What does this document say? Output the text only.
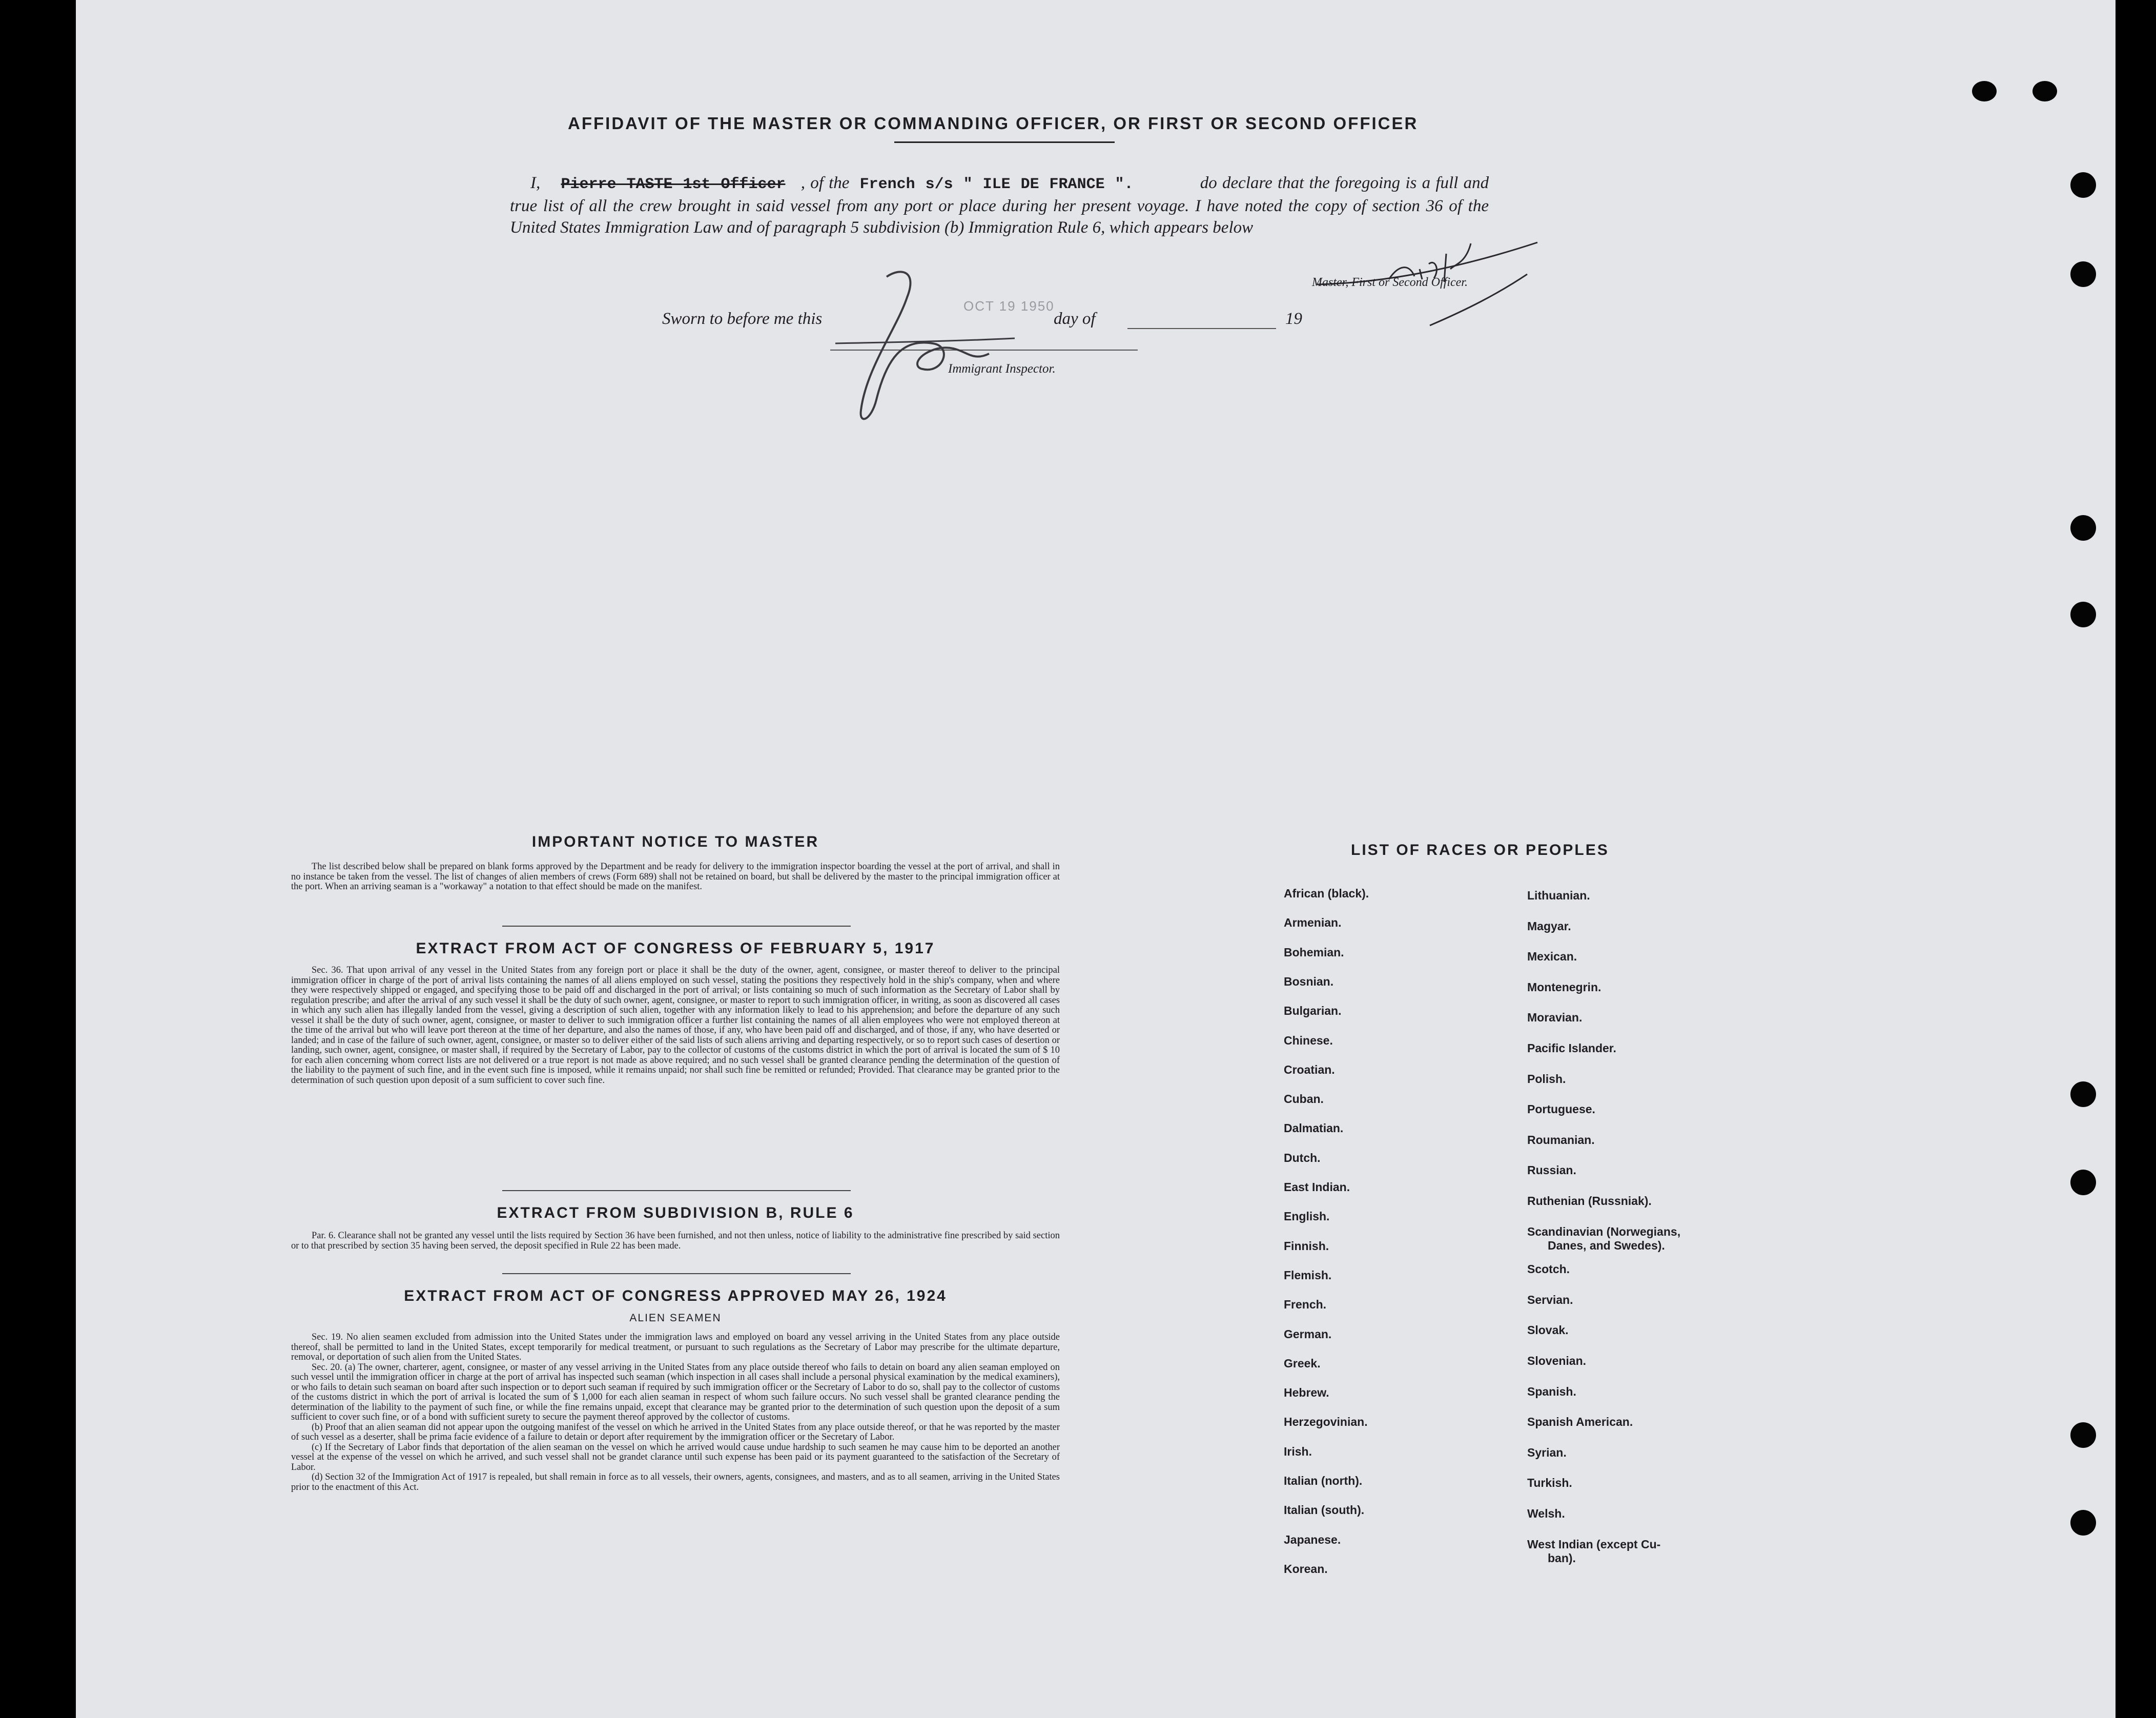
AFFIDAVIT OF THE MASTER OR COMMANDING OFFICER, OR FIRST OR SECOND OFFICER
I, Pierre TASTE 1st Officer , of the French s/s " ILE DE FRANCE ".	do declare that the foregoing is a full and true list of all the crew brought in said vessel from any port or place during her present voyage. I have noted the copy of section 36 of the United States Immigration Law and of paragraph 5 subdivision (b) Immigration Rule 6, which appears below
Master, First or Second Officer.
Sworn to before me this
OCT 19 1950
day of	19
Immigrant Inspector.
IMPORTANT NOTICE TO MASTER

The list described below shall be prepared on blank forms approved by the Department and be ready for delivery to the immigration inspector boarding the vessel at the port of arrival, and shall in no instance be taken from the vessel. The list of changes of alien members of crews (Form 689) shall not be retained on board, but shall be delivered by the master to the principal immigration officer at the port. When an arriving seaman is a "workaway" a notation to that effect should be made on the manifest.

EXTRACT FROM ACT OF CONGRESS OF FEBRUARY 5, 1917

Sec. 36. That upon arrival of any vessel in the United States from any foreign port or place it shall be the duty of the owner, agent, consignee, or master thereof to deliver to the principal immigration officer in charge of the port of arrival lists containing the names of all aliens employed on such vessel, stating the positions they respectively hold in the ship's company, when and where they were respectively shipped or engaged, and specifying those to be paid off and discharged in the port of arrival; or lists containing so much of such information as the Secretary of Labor shall by regulation prescribe; and after the arrival of any such vessel it shall be the duty of such owner, agent, consignee, or master to report to such immigration officer, in writing, as soon as discovered all cases in which any such alien has illegally landed from the vessel, giving a description of such alien, together with any information likely to lead to his apprehension; and before the departure of any such vessel it shall be the duty of such owner, agent, consignee, or master to deliver to such immigration officer a further list containing the names of all alien employees who were not employed thereon at the time of the arrival but who will leave port thereon at the time of her departure, and also the names of those, if any, who have been paid off and discharged, and of those, if any, who have deserted or landed; and in case of the failure of such owner, agent, consignee, or master so to deliver either of the said lists of such aliens arriving and departing respectively, or so to report such cases of desertion or landing, such owner, agent, consignee, or master shall, if required by the Secretary of Labor, pay to the collector of customs of the customs district in which the port of arrival is located the sum of $ 10 for each alien concerning whom correct lists are not delivered or a true report is not made as above required; and no such vessel shall be granted clearance pending the determination of the question of the liability to the payment of such fine, and in the event such fine is imposed, while it remains unpaid; nor shall such fine be remitted or refunded; Provided. That clearance may be granted prior to the determination of such question upon deposit of a sum sufficient to cover such fine.

EXTRACT FROM SUBDIVISION B, RULE 6

Par. 6. Clearance shall not be granted any vessel until the lists required by Section 36 have been furnished, and not then unless, notice of liability to the administrative fine prescribed by said section or to that prescribed by section 35 having been served, the deposit specified in Rule 22 has been made.

EXTRACT FROM ACT OF CONGRESS APPROVED MAY 26, 1924
ALIEN SEAMEN

Sec. 19. No alien seamen excluded from admission into the United States under the immigration laws and employed on board any vessel arriving in the United States from any place outside thereof, shall be permitted to land in the United States, except temporarily for medical treatment, or pursuant to such regulations as the Secretary of Labor may prescribe for the ultimate departure, removal, or deportation of such alien from the United States.

Sec. 20. (a) The owner, charterer, agent, consignee, or master of any vessel arriving in the United States from any place outside thereof who fails to detain on board any alien seaman employed on such vessel until the immigration officer in charge at the port of arrival has inspected such seaman (which inspection in all cases shall include a personal physical examination by the medical examiners), or who fails to detain such seaman on board after such inspection or to deport such seaman if required by such immigration officer or the Secretary of Labor to do so, shall pay to the collector of customs of the customs district in which the port of arrival is located the sum of $ 1,000 for each alien seaman in respect of whom such failure occurs. No such vessel shall be granted clearance pending the determination of the liability to the payment of such fine, or while the fine remains unpaid, except that clearance may be granted prior to the determination of such question upon the deposit of a sum sufficient to cover such fine, or of a bond with sufficient surety to secure the payment thereof approved by the collector of customs.

(b) Proof that an alien seaman did not appear upon the outgoing manifest of the vessel on which he arrived in the United States from any place outside thereof, or that he was reported by the master of such vessel as a deserter, shall be prima facie evidence of a failure to detain or deport after requirement by the immigration officer or the Secretary of Labor.

(c) If the Secretary of Labor finds that deportation of the alien seaman on the vessel on which he arrived would cause undue hardship to such seamen he may cause him to be deported an another vessel at the expense of the vessel on which he arrived, and such vessel shall not be grandet clarance until such expense has been paid or its payment guaranteed to the satisfaction of the Secretary of Labor.

(d) Section 32 of the Immigration Act of 1917 is repealed, but shall remain in force as to all vessels, their owners, agents, consignees, and masters, and as to all seamen, arriving in the United States prior to the enactment of this Act.

LIST OF RACES OR PEOPLES
African (black).
Armenian.
Bohemian.
Bosnian.
Bulgarian.
Chinese.
Croatian.
Cuban.
Dalmatian.
Dutch.
East Indian.
English.
Finnish.
Flemish.
French.
German.
Greek.
Hebrew.
Herzegovinian.
Irish.
Italian (north).
Italian (south).
Japanese.
Korean.
Lithuanian.
Magyar.
Mexican.
Montenegrin.
Moravian.
Pacific Islander.
Polish.
Portuguese.
Roumanian.
Russian.
Ruthenian (Russniak).
Scandinavian (Norwegians,
Danes, and Swedes).
Scotch.
Servian.
Slovak.
Slovenian.
Spanish.
Spanish American.
Syrian.
Turkish.
Welsh.
West Indian (except Cu-
ban).
